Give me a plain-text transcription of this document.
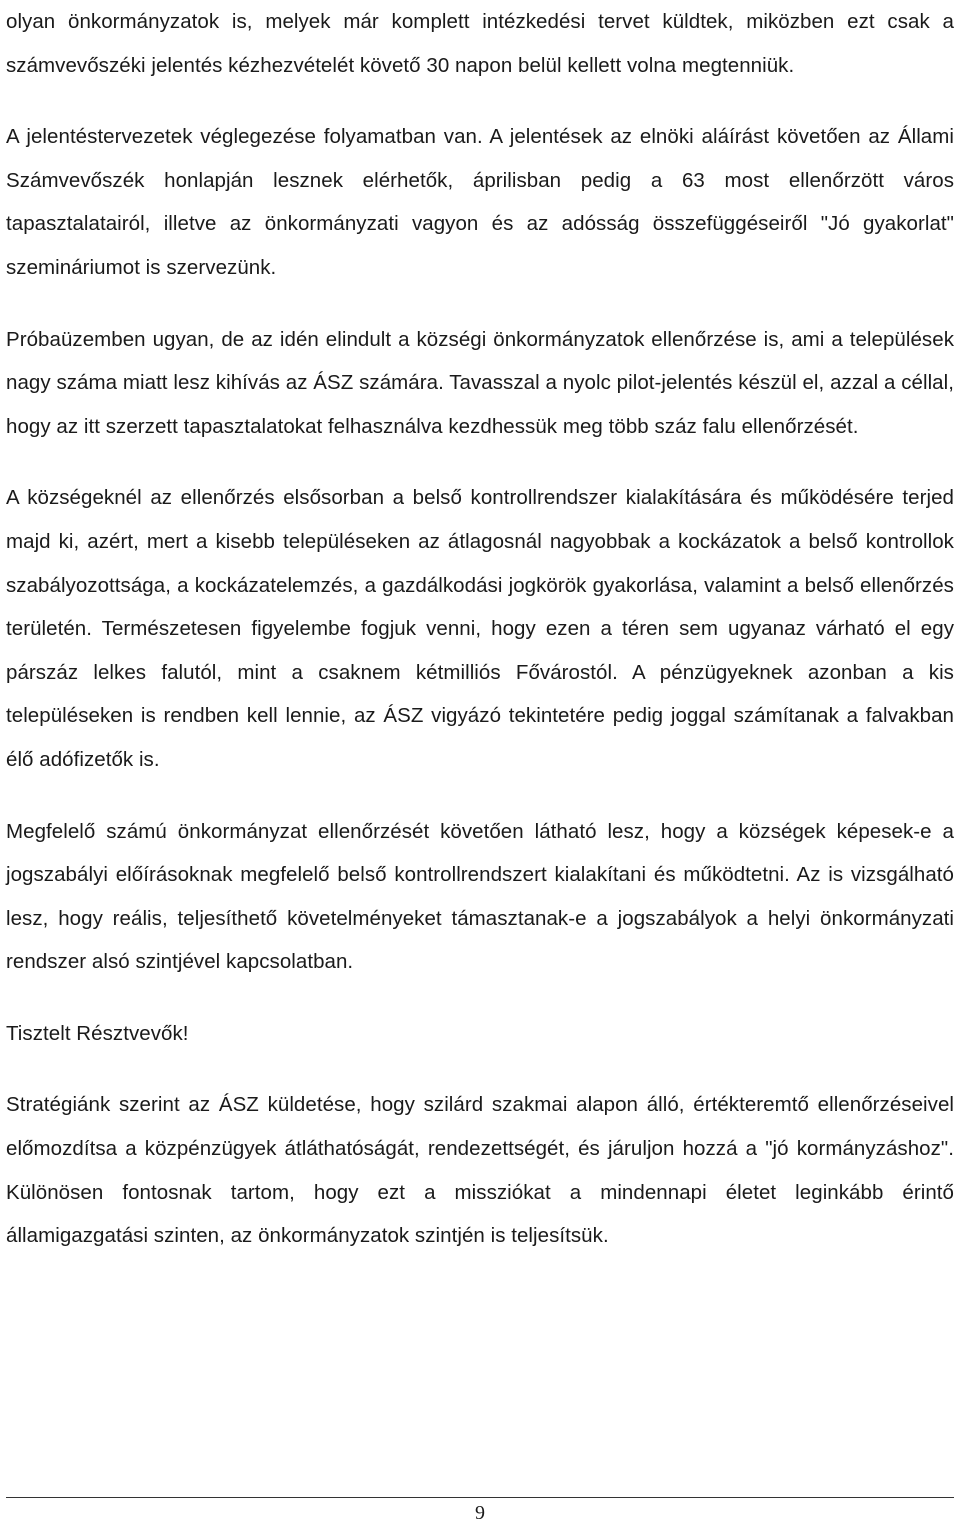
olyan önkormányzatok is, melyek már komplett intézkedési tervet küldtek, miközben ezt csak a számvevőszéki jelentés kézhezvételét követő 30 napon belül kellett volna megtenniük.

A jelentéstervezetek véglegezése folyamatban van. A jelentések az elnöki aláírást követően az Állami Számvevőszék honlapján lesznek elérhetők, áprilisban pedig a 63 most ellenőrzött város tapasztalatairól, illetve az önkormányzati vagyon és az adósság összefüggéseiről "Jó gyakorlat" szemináriumot is szervezünk.

Próbaüzemben ugyan, de az idén elindult a községi önkormányzatok ellenőrzése is, ami a települések nagy száma miatt lesz kihívás az ÁSZ számára. Tavasszal a nyolc pilot-jelentés készül el, azzal a céllal, hogy az itt szerzett tapasztalatokat felhasználva kezdhessük meg több száz falu ellenőrzését.

A községeknél az ellenőrzés elsősorban a belső kontrollrendszer kialakítására és működésére terjed majd ki, azért, mert a kisebb településeken az átlagosnál nagyobbak a kockázatok a belső kontrollok szabályozottsága, a kockázatelemzés, a gazdálkodási jogkörök gyakorlása, valamint a belső ellenőrzés területén. Természetesen figyelembe fogjuk venni, hogy ezen a téren sem ugyanaz várható el egy párszáz lelkes falutól, mint a csaknem kétmilliós Fővárostól. A pénzügyeknek azonban a kis településeken is rendben kell lennie, az ÁSZ vigyázó tekintetére pedig joggal számítanak a falvakban élő adófizetők is.

Megfelelő számú önkormányzat ellenőrzését követően látható lesz, hogy a községek képesek-e a jogszabályi előírásoknak megfelelő belső kontrollrendszert kialakítani és működtetni. Az is vizsgálható lesz, hogy reális, teljesíthető követelményeket támasztanak-e a jogszabályok a helyi önkormányzati rendszer alsó szintjével kapcsolatban.

Tisztelt Résztvevők!

Stratégiánk szerint az ÁSZ küldetése, hogy szilárd szakmai alapon álló, értékteremtő ellenőrzéseivel előmozdítsa a közpénzügyek átláthatóságát, rendezettségét, és járuljon hozzá a "jó kormányzáshoz". Különösen fontosnak tartom, hogy ezt a missziókat a mindennapi életet leginkább érintő államigazgatási szinten, az önkormányzatok szintjén is teljesítsük.

9
